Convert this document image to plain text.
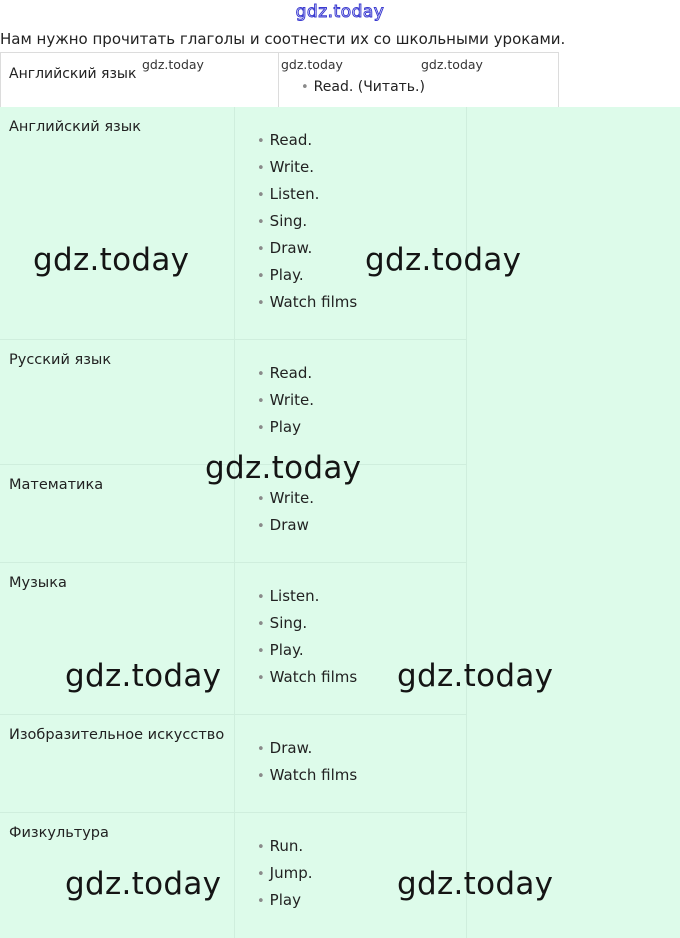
gdz.today
Нам нужно прочитать глаголы и соотнести их со школьными уроками.
Английский язык
gdz.today	gdz.today	gdz.today
• Read. (Читать.)
Английский язык
• Read.
• Write.
• Listen.
• Sing.
• Draw.
• Play.
• Watch films
Русский язык
• Read.
• Write.
• Play
Математика
• Write.
• Draw
Музыка
• Listen.
• Sing.
• Play.
• Watch films
Изобразительное искусство
• Draw.
• Watch films
Физкультура
• Run.
• Jump.
• Play
gdz.today	gdz.today
gdz.today
gdz.today	gdz.today
gdz.today	gdz.today
